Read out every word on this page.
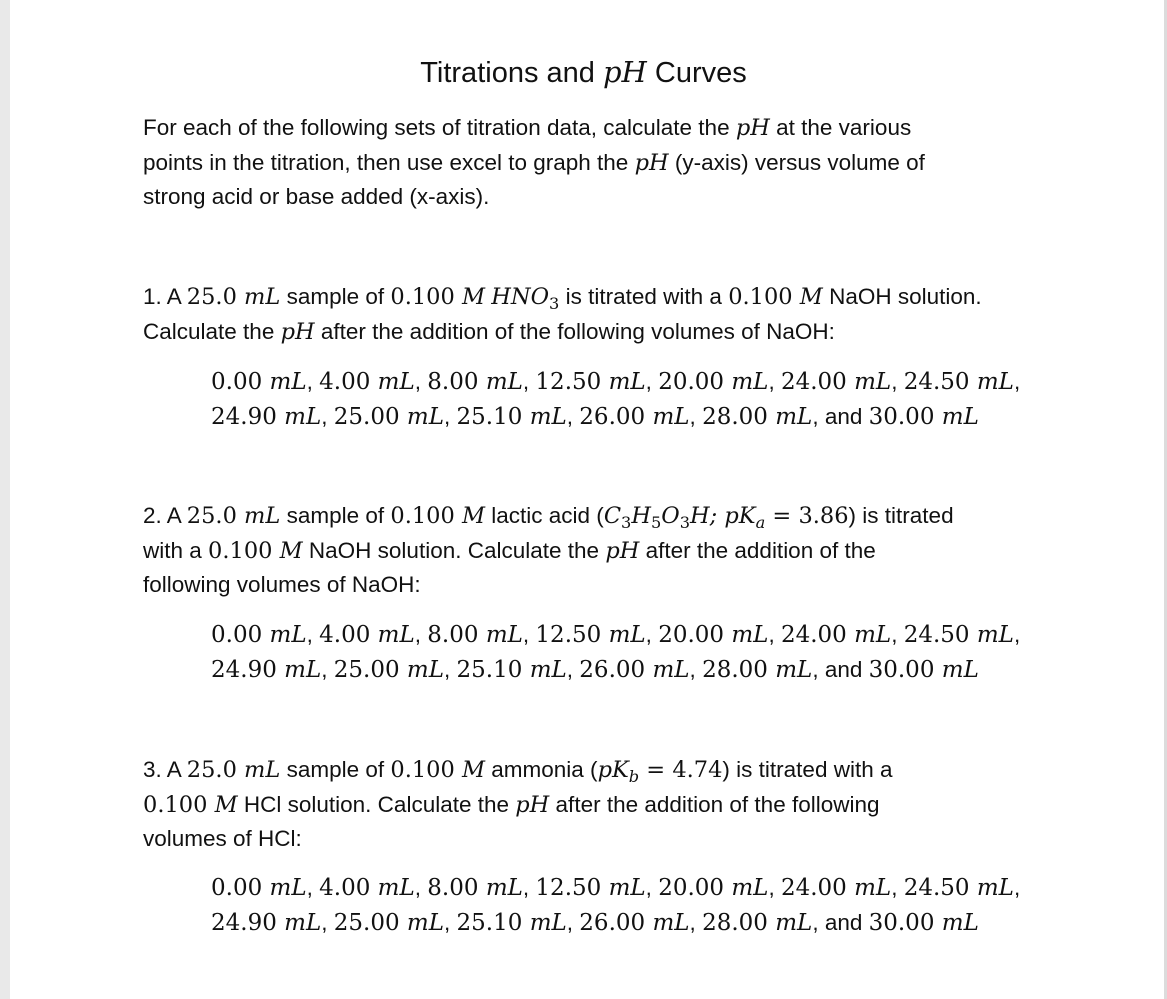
Titrations and pH Curves
For each of the following sets of titration data, calculate the pH at the various
points in the titration, then use excel to graph the pH (y-axis) versus volume of
strong acid or base added (x-axis).
1. A 25.0 mL sample of 0.100 M $HNO_3$ is titrated with a 0.100 M NaOH solution.
Calculate the pH after the addition of the following volumes of NaOH:
0.00 mL, 4.00 mL, 8.00 mL, 12.50 mL, 20.00 mL, 24.00 mL, 24.50 mL,
24.90 mL, 25.00 mL, 25.10 mL, 26.00 mL, 28.00 mL, and 30.00 mL
2. A 25.0 mL sample of 0.100 M lactic acid ($C_3H_5O_3H$; $pK_a = 3.86$) is titrated
with a 0.100 M NaOH solution. Calculate the pH after the addition of the
following volumes of NaOH:
0.00 mL, 4.00 mL, 8.00 mL, 12.50 mL, 20.00 mL, 24.00 mL, 24.50 mL,
24.90 mL, 25.00 mL, 25.10 mL, 26.00 mL, 28.00 mL, and 30.00 mL
3. A 25.0 mL sample of 0.100 M ammonia $(pK_b = 4.74)$ is titrated with a
0.100 M HCl solution. Calculate the pH after the addition of the following
volumes of HCl:
0.00 mL, 4.00 mL, 8.00 mL, 12.50 mL, 20.00 mL, 24.00 mL, 24.50 mL,
24.90 mL, 25.00 mL, 25.10 mL, 26.00 mL, 28.00 mL, and 30.00 mL
